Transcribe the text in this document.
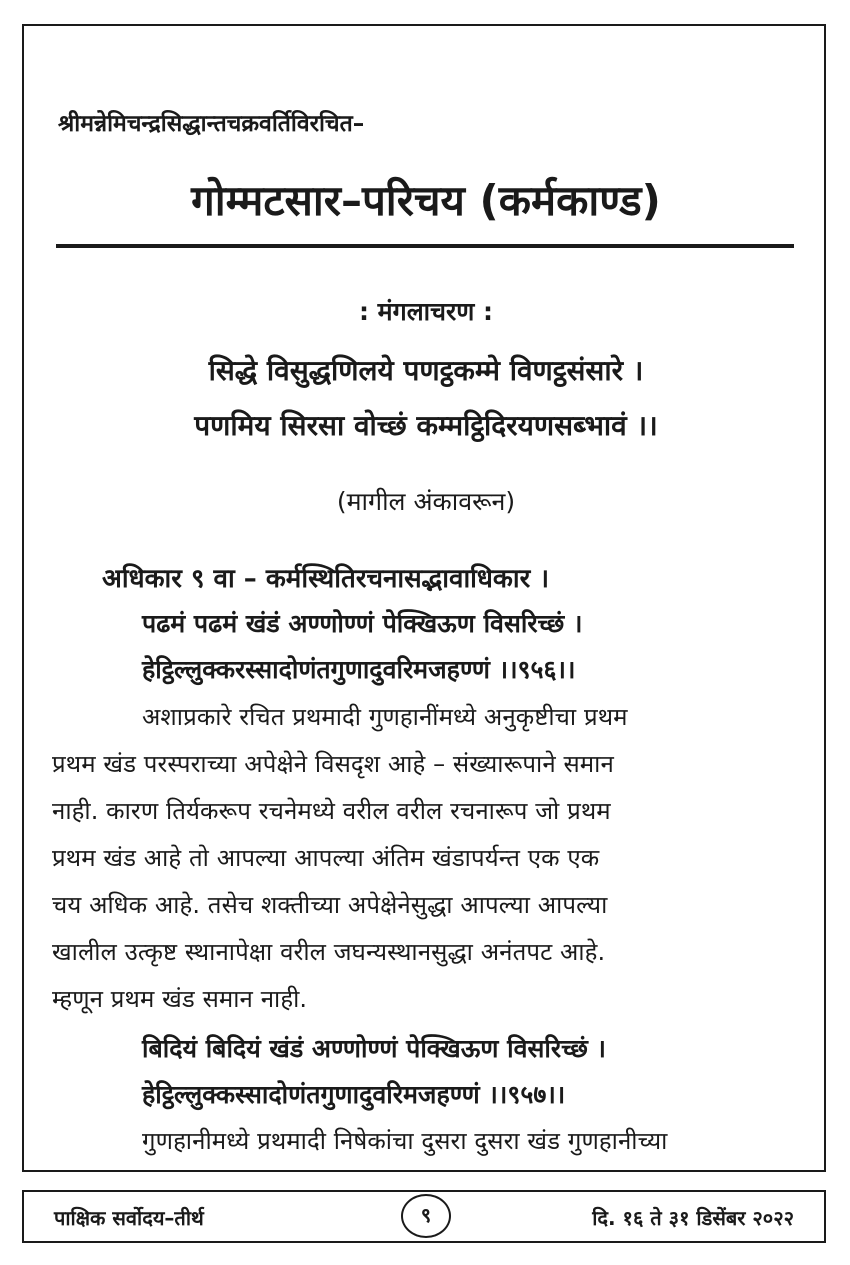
श्रीमन्नेमिचन्द्रसिद्धान्तचक्रवर्तिविरचित–
गोम्मटसार–परिचय (कर्मकाण्ड)
: मंगलाचरण :
सिद्धे विसुद्धणिलये पणट्ठकम्मे विणट्ठसंसारे ।
पणमिय सिरसा वोच्छं कम्मट्ठिदिरयणसब्भावं ।।
(मागील अंकावरून)
अधिकार ९ वा – कर्मस्थितिरचनासद्भावाधिकार ।
पढमं पढमं खंडं अण्णोण्णं पेक्खिऊण विसरिच्छं ।
हेट्ठिल्लुक्करस्सादोणंतगुणादुवरिमजहण्णं ।।९५६।।
अशाप्रकारे रचित प्रथमादी गुणहानींमध्ये अनुकृष्टीचा प्रथम
प्रथम खंड परस्पराच्या अपेक्षेने विसदृश आहे – संख्यारूपाने समान
नाही. कारण तिर्यकरूप रचनेमध्ये वरील वरील रचनारूप जो प्रथम
प्रथम खंड आहे तो आपल्या आपल्या अंतिम खंडापर्यन्त एक एक
चय अधिक आहे. तसेच शक्तीच्या अपेक्षेनेसुद्धा आपल्या आपल्या
खालील उत्कृष्ट स्थानापेक्षा वरील जघन्यस्थानसुद्धा अनंतपट आहे.
म्हणून प्रथम खंड समान नाही.
बिदियं बिदियं खंडं अण्णोण्णं पेक्खिऊण विसरिच्छं ।
हेट्ठिल्लुक्कस्सादोणंतगुणादुवरिमजहण्णं ।।९५७।।
गुणहानीमध्ये प्रथमादी निषेकांचा दुसरा दुसरा खंड गुणहानीच्या
पाक्षिक सर्वोदय–तीर्थ	९	दि. १६ ते ३१ डिसेंबर २०२२
